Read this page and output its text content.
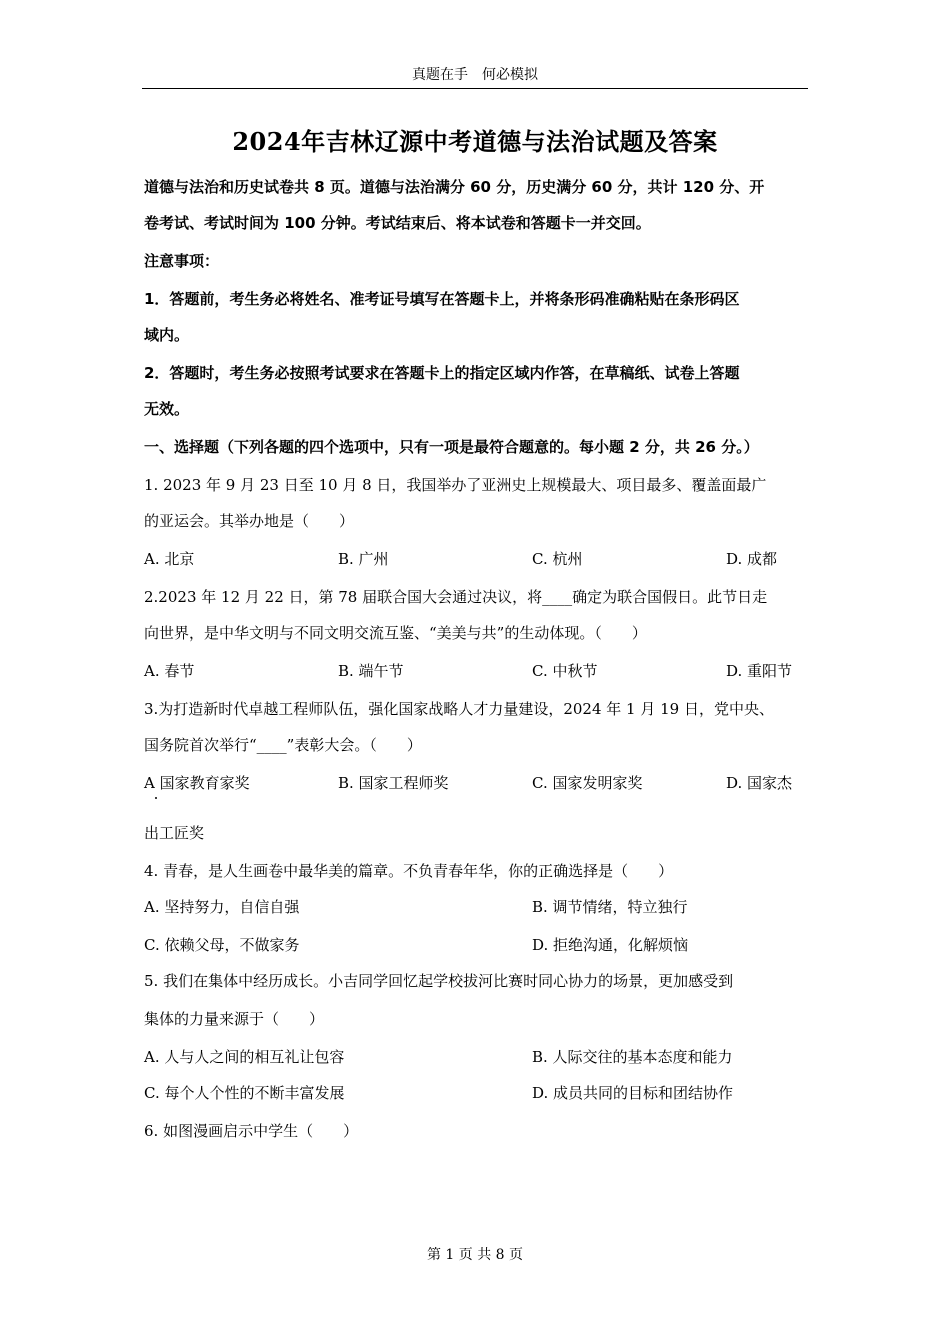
真题在手　何必模拟
2024年吉林辽源中考道德与法治试题及答案
道德与法治和历史试卷共 8 页。道德与法治满分 60 分，历史满分 60 分，共计 120 分、开
卷考试、考试时间为 100 分钟。考试结束后、将本试卷和答题卡一并交回。
注意事项：
1．答题前，考生务必将姓名、准考证号填写在答题卡上，并将条形码准确粘贴在条形码区
域内。
2．答题时，考生务必按照考试要求在答题卡上的指定区域内作答，在草稿纸、试卷上答题
无效。
一、选择题（下列各题的四个选项中，只有一项是最符合题意的。每小题 2 分，共 26 分。）
1. 2023 年 9 月 23 日至 10 月 8 日，我国举办了亚洲史上规模最大、项目最多、覆盖面最广
的亚运会。其举办地是（　　）
A. 北京	B. 广州	C. 杭州	D. 成都
2.2023 年 12 月 22 日，第 78 届联合国大会通过决议，将____确定为联合国假日。此节日走
向世界，是中华文明与不同文明交流互鉴、“美美与共”的生动体现。（　　）
A. 春节	B. 端午节	C. 中秋节	D. 重阳节
3.为打造新时代卓越工程师队伍，强化国家战略人才力量建设，2024 年 1 月 19 日，党中央、
国务院首次举行“____”表彰大会。（　　）
A 国家教育家奖	B. 国家工程师奖	C. 国家发明家奖	D. 国家杰
出工匠奖
4. 青春，是人生画卷中最华美的篇章。不负青春年华，你的正确选择是（　　）
A. 坚持努力，自信自强	B. 调节情绪，特立独行
C. 依赖父母，不做家务	D. 拒绝沟通，化解烦恼
5. 我们在集体中经历成长。小吉同学回忆起学校拔河比赛时同心协力的场景，更加感受到
集体的力量来源于（　　）
A. 人与人之间的相互礼让包容	B. 人际交往的基本态度和能力
C. 每个人个性的不断丰富发展	D. 成员共同的目标和团结协作
6. 如图漫画启示中学生（　　）
第 1 页 共 8 页
